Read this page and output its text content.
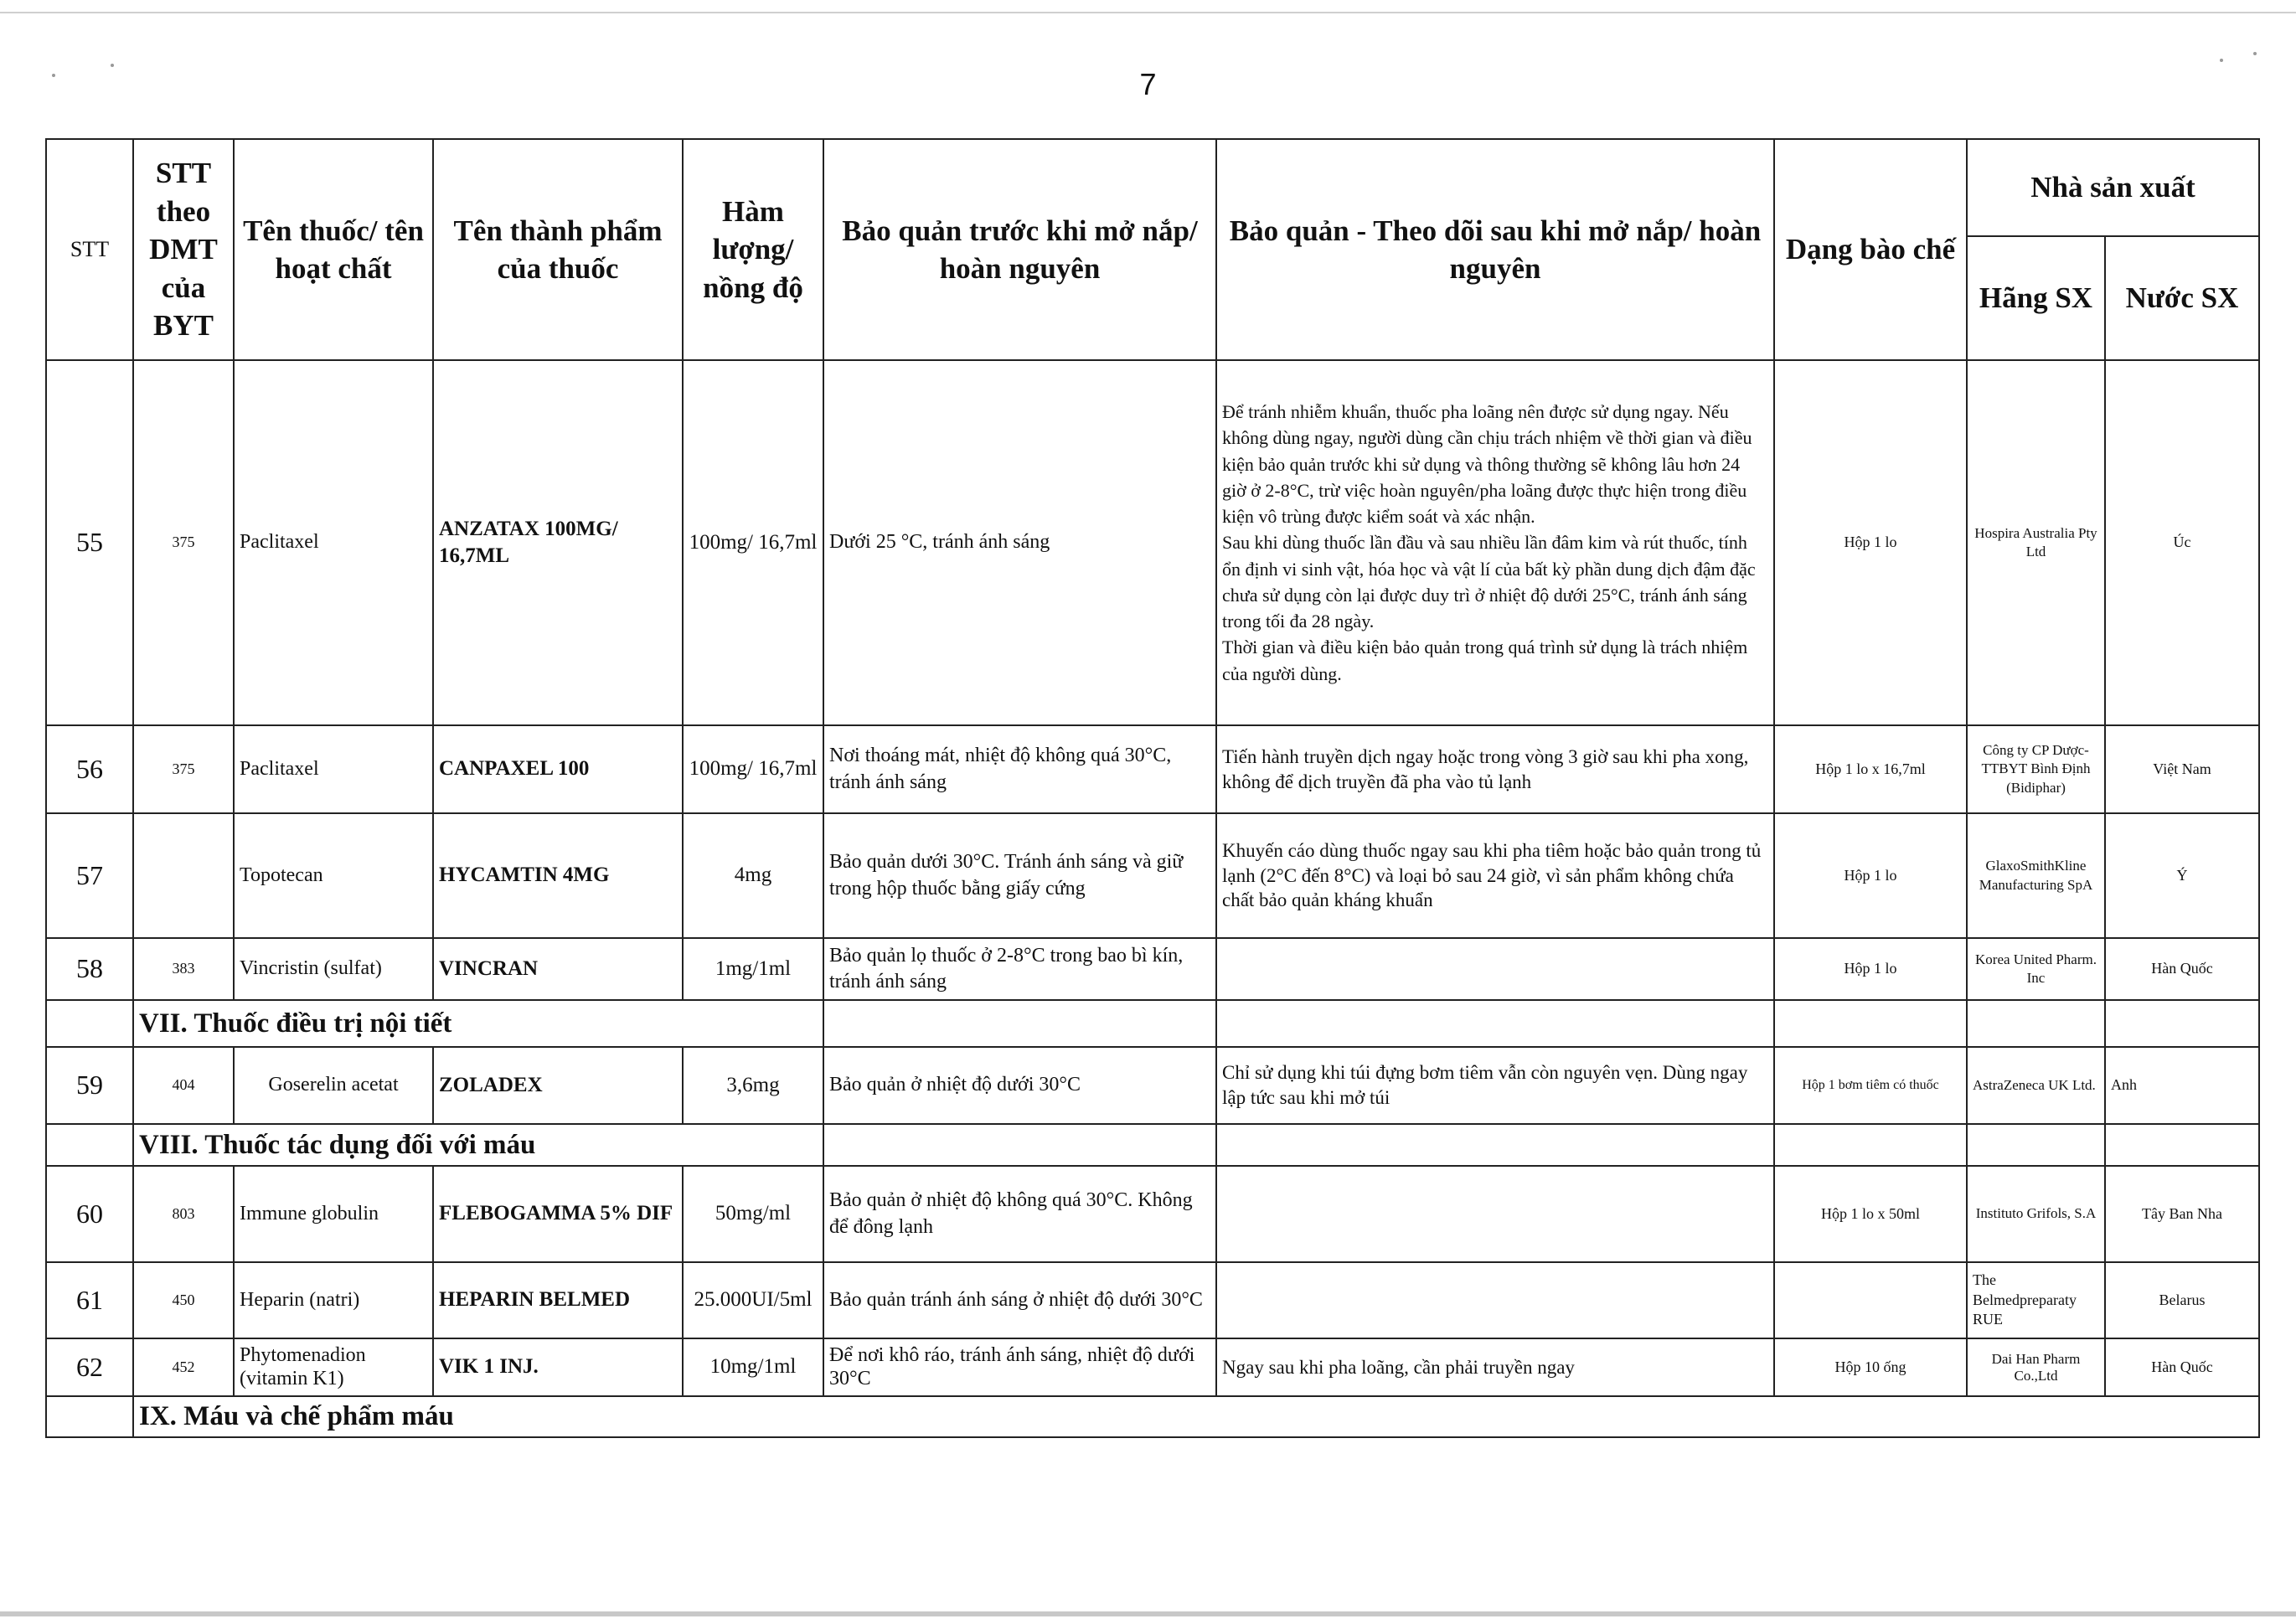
7
STT	STT theo DMT của BYT	Tên thuốc/ tên hoạt chất	Tên thành phẩm của thuốc	Hàm lượng/ nồng độ	Bảo quản trước khi mở nắp/ hoàn nguyên	Bảo quản - Theo dõi sau khi mở nắp/ hoàn nguyên	Dạng bào chế	Nhà sản xuất	
								Hãng SX	Nước SX
55	375	Paclitaxel	ANZATAX 100MG/ 16,7ML	100mg/ 16,7ml	Dưới 25 °C, tránh ánh sáng	Để tránh nhiễm khuẩn, thuốc pha loãng nên được sử dụng ngay. Nếu không dùng ngay, người dùng cần chịu trách nhiệm về thời gian và điều kiện bảo quản trước khi sử dụng và thông thường sẽ không lâu hơn 24 giờ ở 2-8°C, trừ việc hoàn nguyên/pha loãng được thực hiện trong điều kiện vô trùng được kiểm soát và xác nhận.
Sau khi dùng thuốc lần đầu và sau nhiều lần đâm kim và rút thuốc, tính ổn định vi sinh vật, hóa học và vật lí của bất kỳ phần dung dịch đậm đặc chưa sử dụng còn lại được duy trì ở nhiệt độ dưới 25°C, tránh ánh sáng trong tối đa 28 ngày.
Thời gian và điều kiện bảo quản trong quá trình sử dụng là trách nhiệm của người dùng.	Hộp 1 lo	Hospira Australia Pty Ltd	Úc
56	375	Paclitaxel	CANPAXEL 100	100mg/ 16,7ml	Nơi thoáng mát, nhiệt độ không quá 30°C, tránh ánh sáng	Tiến hành truyền dịch ngay hoặc trong vòng 3 giờ sau khi pha xong, không để dịch truyền đã pha vào tủ lạnh	Hộp 1 lo x 16,7ml	Công ty CP Dược-TTBYT Bình Định (Bidiphar)	Việt Nam
57		Topotecan	HYCAMTIN 4MG	4mg	Bảo quản dưới 30°C. Tránh ánh sáng và giữ trong hộp thuốc bằng giấy cứng	Khuyến cáo dùng thuốc ngay sau khi pha tiêm hoặc bảo quản trong tủ lạnh (2°C đến 8°C) và loại bỏ sau 24 giờ, vì sản phẩm không chứa chất bảo quản kháng khuẩn	Hộp 1 lo	GlaxoSmithKline Manufacturing SpA	Ý
58	383	Vincristin (sulfat)	VINCRAN	1mg/1ml	Bảo quản lọ thuốc ở 2-8°C trong bao bì kín, tránh ánh sáng		Hộp 1 lo	Korea United Pharm. Inc	Hàn Quốc
	VII. Thuốc điều trị nội tiết								
59	404	Goserelin acetat	ZOLADEX	3,6mg	Bảo quản ở nhiệt độ dưới 30°C	Chỉ sử dụng khi túi đựng bơm tiêm vẫn còn nguyên vẹn. Dùng ngay lập tức sau khi mở túi	Hộp 1 bơm tiêm có thuốc	AstraZeneca UK Ltd.	Anh
	VIII. Thuốc tác dụng đối với máu								
60	803	Immune globulin	FLEBOGAMMA 5% DIF	50mg/ml	Bảo quản ở nhiệt độ không quá 30°C. Không để đông lạnh		Hộp 1 lo x 50ml	Instituto Grifols, S.A	Tây Ban Nha
61	450	Heparin (natri)	HEPARIN BELMED	25.000UI/5ml	Bảo quản tránh ánh sáng ở nhiệt độ dưới 30°C			The Belmedpreparaty RUE	Belarus
62	452	Phytomenadion (vitamin K1)	VIK 1 INJ.	10mg/1ml	Để nơi khô ráo, tránh ánh sáng, nhiệt độ dưới 30°C	Ngay sau khi pha loãng, cần phải truyền ngay	Hộp 10 ống	Dai Han Pharm Co.,Ltd	Hàn Quốc
	IX. Máu và chế phẩm máu								
